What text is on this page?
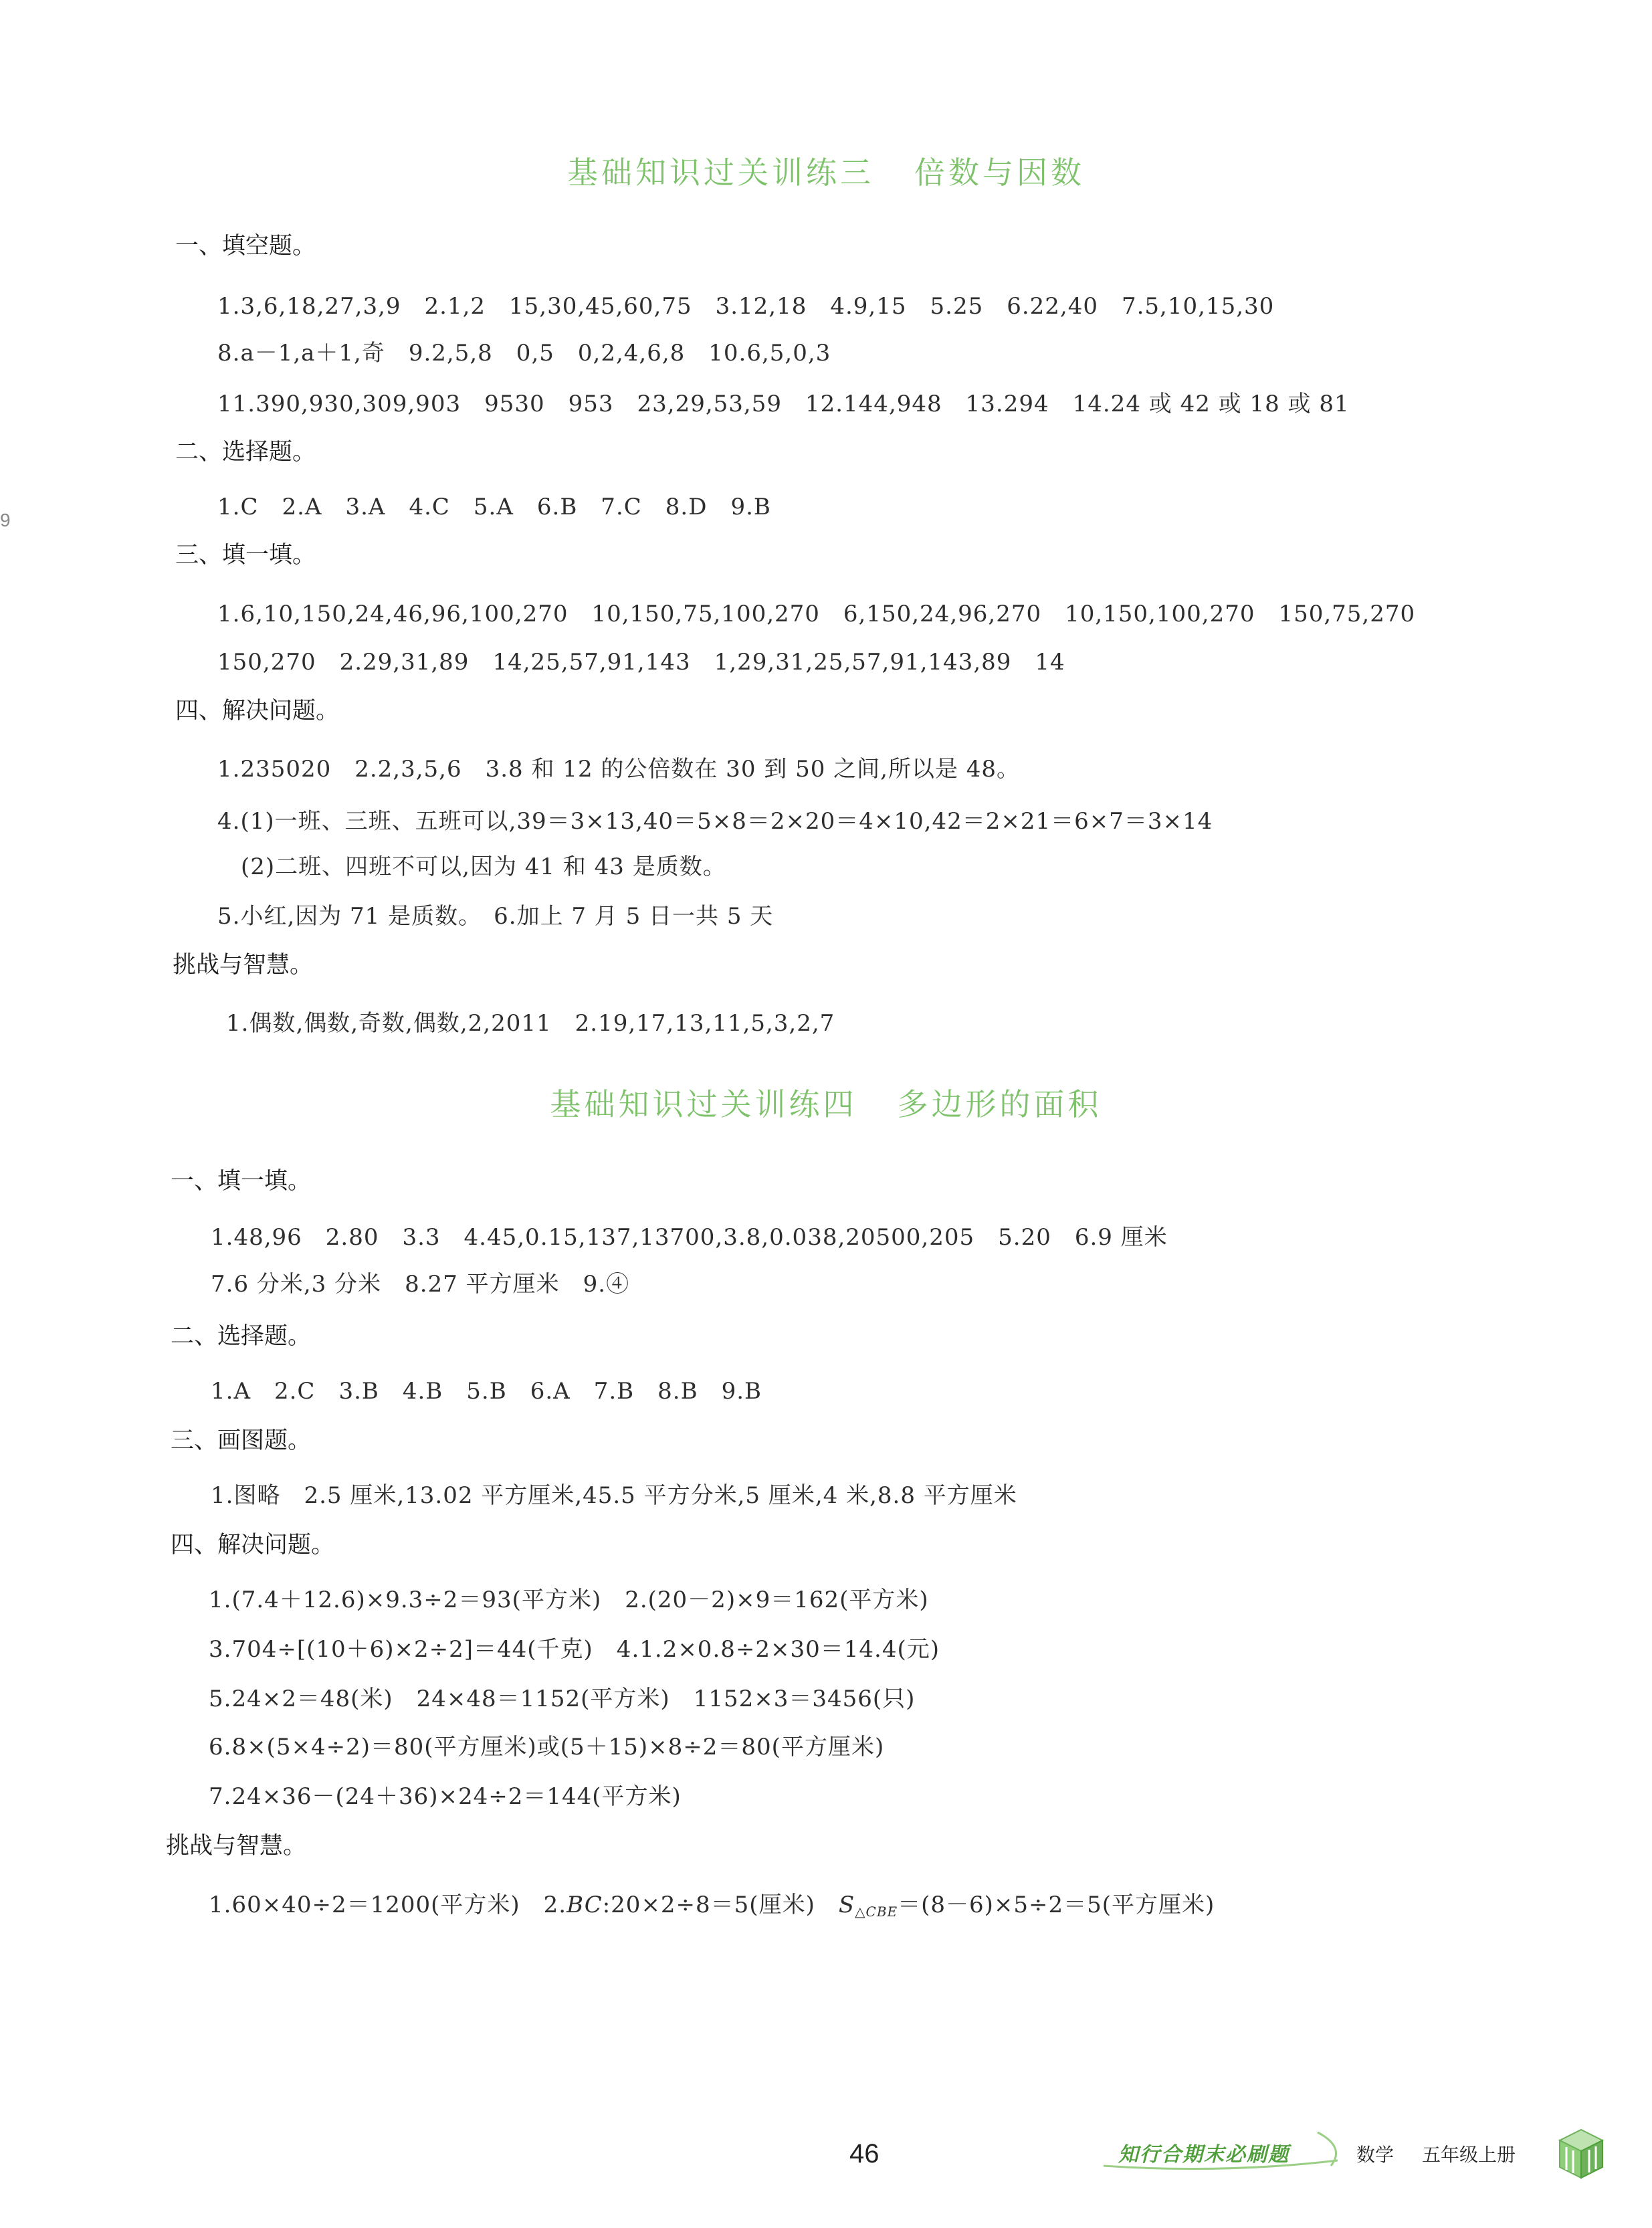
9
基础知识过关训练三 倍数与因数
一、填空题。
1.3,6,18,27,3,9　2.1,2　15,30,45,60,75　3.12,18　4.9,15　5.25　6.22,40　7.5,10,15,30
8.a－1,a＋1,奇　9.2,5,8　0,5　0,2,4,6,8　10.6,5,0,3
11.390,930,309,903　9530　953　23,29,53,59　12.144,948　13.294　14.24 或 42 或 18 或 81
二、选择题。
1.C　2.A　3.A　4.C　5.A　6.B　7.C　8.D　9.B
三、填一填。
1.6,10,150,24,46,96,100,270　10,150,75,100,270　6,150,24,96,270　10,150,100,270　150,75,270
150,270　2.29,31,89　14,25,57,91,143　1,29,31,25,57,91,143,89　14
四、解决问题。
1.235020　2.2,3,5,6　3.8 和 12 的公倍数在 30 到 50 之间,所以是 48。
4.(1)一班、三班、五班可以,39＝3×13,40＝5×8＝2×20＝4×10,42＝2×21＝6×7＝3×14
(2)二班、四班不可以,因为 41 和 43 是质数。
5.小红,因为 71 是质数。　6.加上 7 月 5 日一共 5 天
挑战与智慧。
1.偶数,偶数,奇数,偶数,2,2011　2.19,17,13,11,5,3,2,7
基础知识过关训练四 多边形的面积
一、填一填。
1.48,96　2.80　3.3　4.45,0.15,137,13700,3.8,0.038,20500,205　5.20　6.9 厘米
7.6 分米,3 分米　8.27 平方厘米　9.④
二、选择题。
1.A　2.C　3.B　4.B　5.B　6.A　7.B　8.B　9.B
三、画图题。
1.图略　2.5 厘米,13.02 平方厘米,45.5 平方分米,5 厘米,4 米,8.8 平方厘米
四、解决问题。
1.(7.4＋12.6)×9.3÷2＝93(平方米)　2.(20－2)×9＝162(平方米)
3.704÷[(10＋6)×2÷2]＝44(千克)　4.1.2×0.8÷2×30＝14.4(元)
5.24×2＝48(米)　24×48＝1152(平方米)　1152×3＝3456(只)
6.8×(5×4÷2)＝80(平方厘米)或(5＋15)×8÷2＝80(平方厘米)
7.24×36－(24＋36)×24÷2＝144(平方米)
挑战与智慧。
1.60×40÷2＝1200(平方米)　2.BC:20×2÷8＝5(厘米)　$S_{\triangle CBE}=(8-6)\times 5\div 2=5$(平方厘米)
46	知行合期末必刷题	数学 五年级上册
